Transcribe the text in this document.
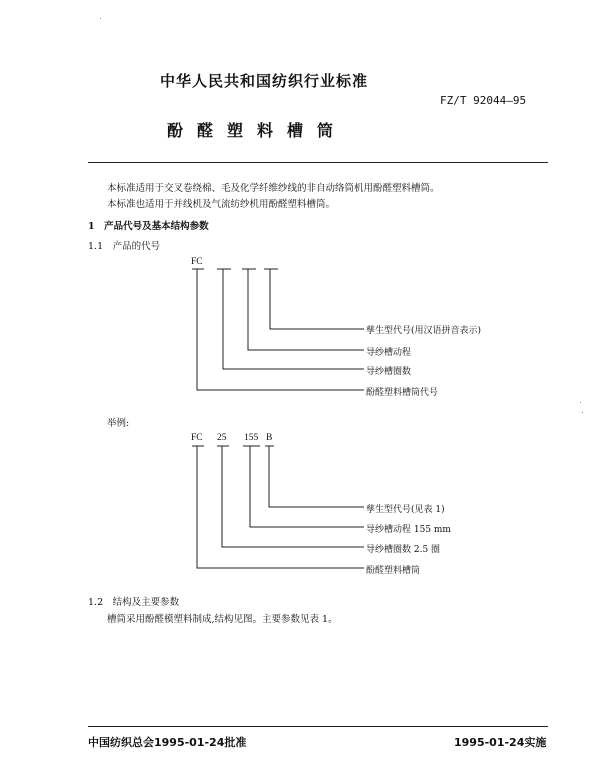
中华人民共和国纺织行业标准
FZ/T 92044—95
酚醛塑料槽筒
本标准适用于交叉卷绕棉、毛及化学纤维纱线的非自动络筒机用酚醛塑料槽筒。
本标准也适用于并线机及气流纺纱机用酚醛塑料槽筒。
1　产品代号及基本结构参数
1.1　产品的代号
FC
孳生型代号(用汉语拼音表示)
导纱槽动程
导纱槽圈数
酚醛塑料槽筒代号
举例:
FC 25 155 B
孳生型代号(见表 1)
导纱槽动程 155 mm
导纱槽圈数 2.5 圈
酚醛塑料槽筒
1.2　结构及主要参数
槽筒采用酚醛模塑料制成,结构见图。主要参数见表 1。
中国纺织总会1995-01-24批准	1995-01-24实施
